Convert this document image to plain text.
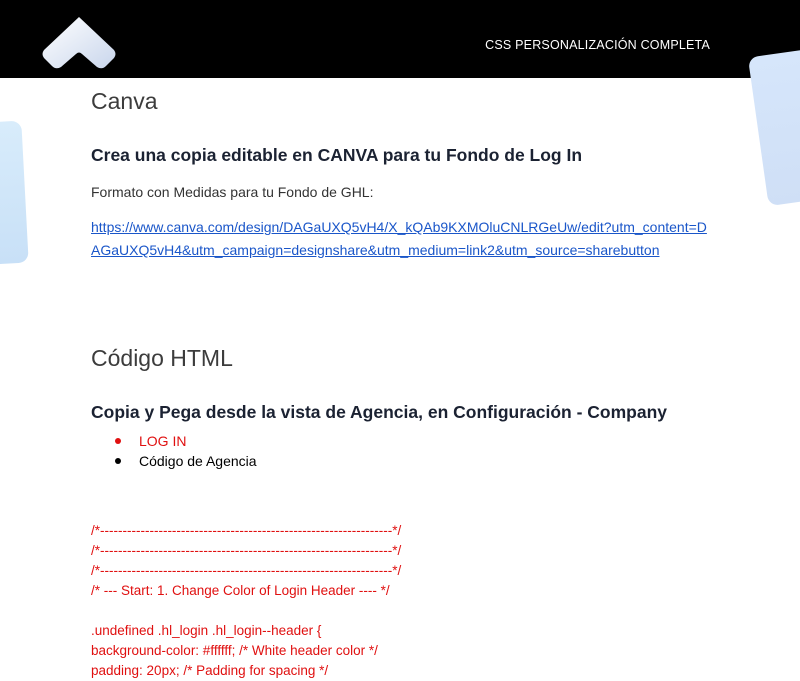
CSS PERSONALIZACIÓN COMPLETA
Canva
Crea una copia editable en CANVA para tu Fondo de Log In

Formato con Medidas para tu Fondo de GHL:

https://www.canva.com/design/DAGaUXQ5vH4/X_kQAb9KXMOluCNLRGeUw/edit?utm_content=DAGaUXQ5vH4&utm_campaign=designshare&utm_medium=link2&utm_source=sharebutton
Código HTML
Copia y Pega desde la vista de Agencia, en Configuración - Company
LOG IN
Código de Agencia
/*-----------------------------------------------------------------*/
/*-----------------------------------------------------------------*/
/*-----------------------------------------------------------------*/
/* --- Start: 1. Change Color of Login Header ---- */
.undefined .hl_login .hl_login--header {
background-color: #ffffff; /* White header color */
padding: 20px; /* Padding for spacing */
